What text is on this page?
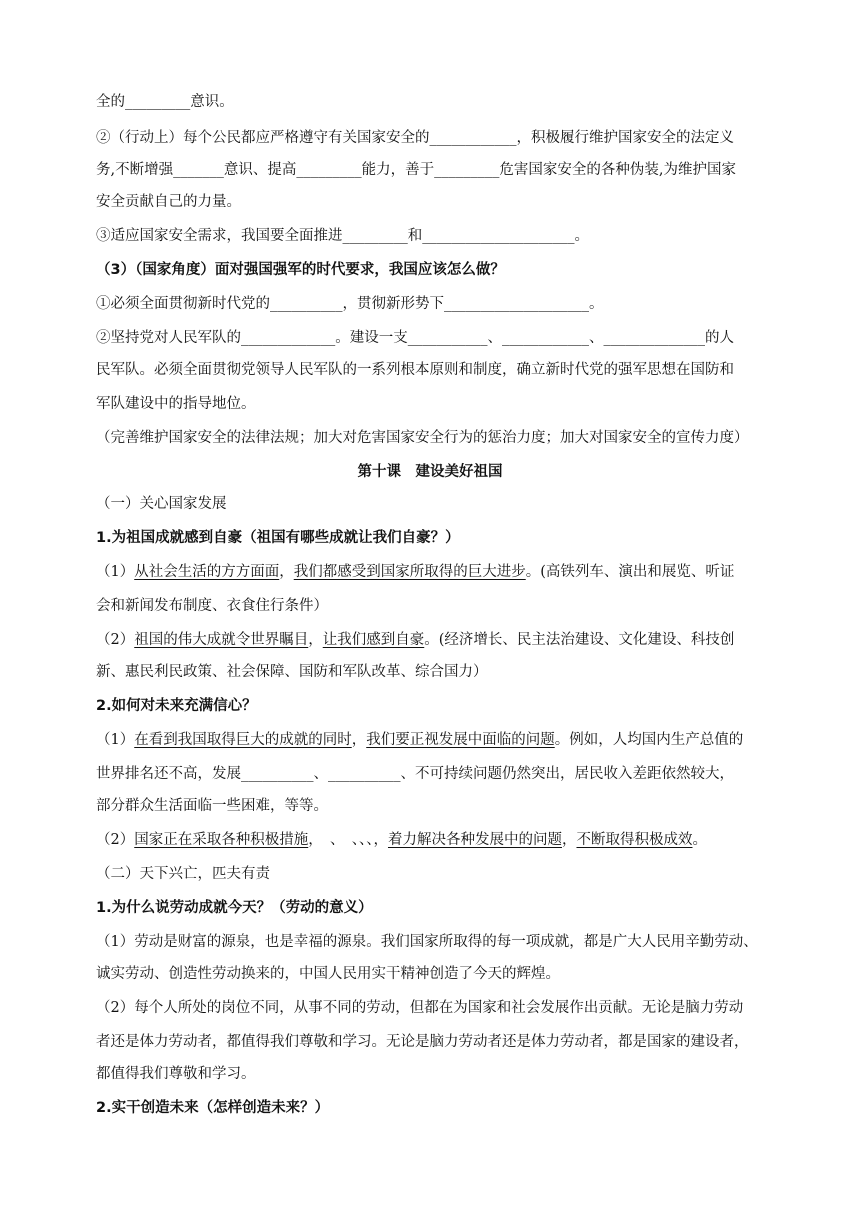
全的_________意识。
②（行动上）每个公民都应严格遵守有关国家安全的____________，积极履行维护国家安全的法定义
务,不断增强_______意识、提高_________能力，善于_________危害国家安全的各种伪装,为维护国家
安全贡献自己的力量。
③适应国家安全需求，我国要全面推进_________和_____________________。
（3）（国家角度）面对强国强军的时代要求，我国应该怎么做？
①必须全面贯彻新时代党的__________，贯彻新形势下____________________。
②坚持党对人民军队的_____________。建设一支___________、____________、______________的人
民军队。必须全面贯彻党领导人民军队的一系列根本原则和制度，确立新时代党的强军思想在国防和
军队建设中的指导地位。
（完善维护国家安全的法律法规；加大对危害国家安全行为的惩治力度；加大对国家安全的宣传力度）
第十课　建设美好祖国
（一）关心国家发展
1.为祖国成就感到自豪（祖国有哪些成就让我们自豪？）
（1）从社会生活的方方面面，我们都感受到国家所取得的巨大进步。(高铁列车、演出和展览、听证
会和新闻发布制度、衣食住行条件）
（2）祖国的伟大成就令世界瞩目，让我们感到自豪。(经济增长、民主法治建设、文化建设、科技创
新、惠民利民政策、社会保障、国防和军队改革、综合国力）
2.如何对未来充满信心？
（1）在看到我国取得巨大的成就的同时，我们要正视发展中面临的问题。例如，人均国内生产总值的
世界排名还不高，发展__________、__________、不可持续问题仍然突出，居民收入差距依然较大，
部分群众生活面临一些困难，等等。
（2）国家正在采取各种积极措施，　、　、、、，着力解决各种发展中的问题，不断取得积极成效。
（二）天下兴亡，匹夫有责
1.为什么说劳动成就今天？（劳动的意义）
（1）劳动是财富的源泉，也是幸福的源泉。我们国家所取得的每一项成就，都是广大人民用辛勤劳动、
诚实劳动、创造性劳动换来的，中国人民用实干精神创造了今天的辉煌。
（2）每个人所处的岗位不同，从事不同的劳动，但都在为国家和社会发展作出贡献。无论是脑力劳动
者还是体力劳动者，都值得我们尊敬和学习。无论是脑力劳动者还是体力劳动者，都是国家的建设者，
都值得我们尊敬和学习。
2.实干创造未来（怎样创造未来？）
